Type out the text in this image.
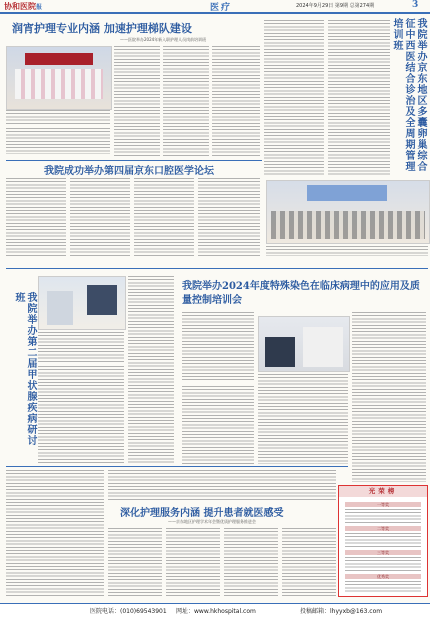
协和医院报	医疗	2024年9月29日 第9期 总第274期	3
润宵护理专业内涵 加速护理梯队建设
——医院举办2024年新入职护理人员岗前培训班	我院举办京东地区多囊卵巢综合征中西医结合诊治及全周期管理培训班
我院成功举办第四届京东口腔医学论坛
我院举办第二届甲状腺疾病研讨班
我院举办2024年度特殊染色在临床病理中的应用及质量控制培训会
深化护理服务内涵 提升患者就医感受
——京东地区护理学术年会暨优质护理服务推进会
光荣榜
一等奖
二等奖
三等奖
优秀奖
医院电话：(010)69543901 网址：www.hkhospital.com	投稿邮箱：lhyyxb@163.com
